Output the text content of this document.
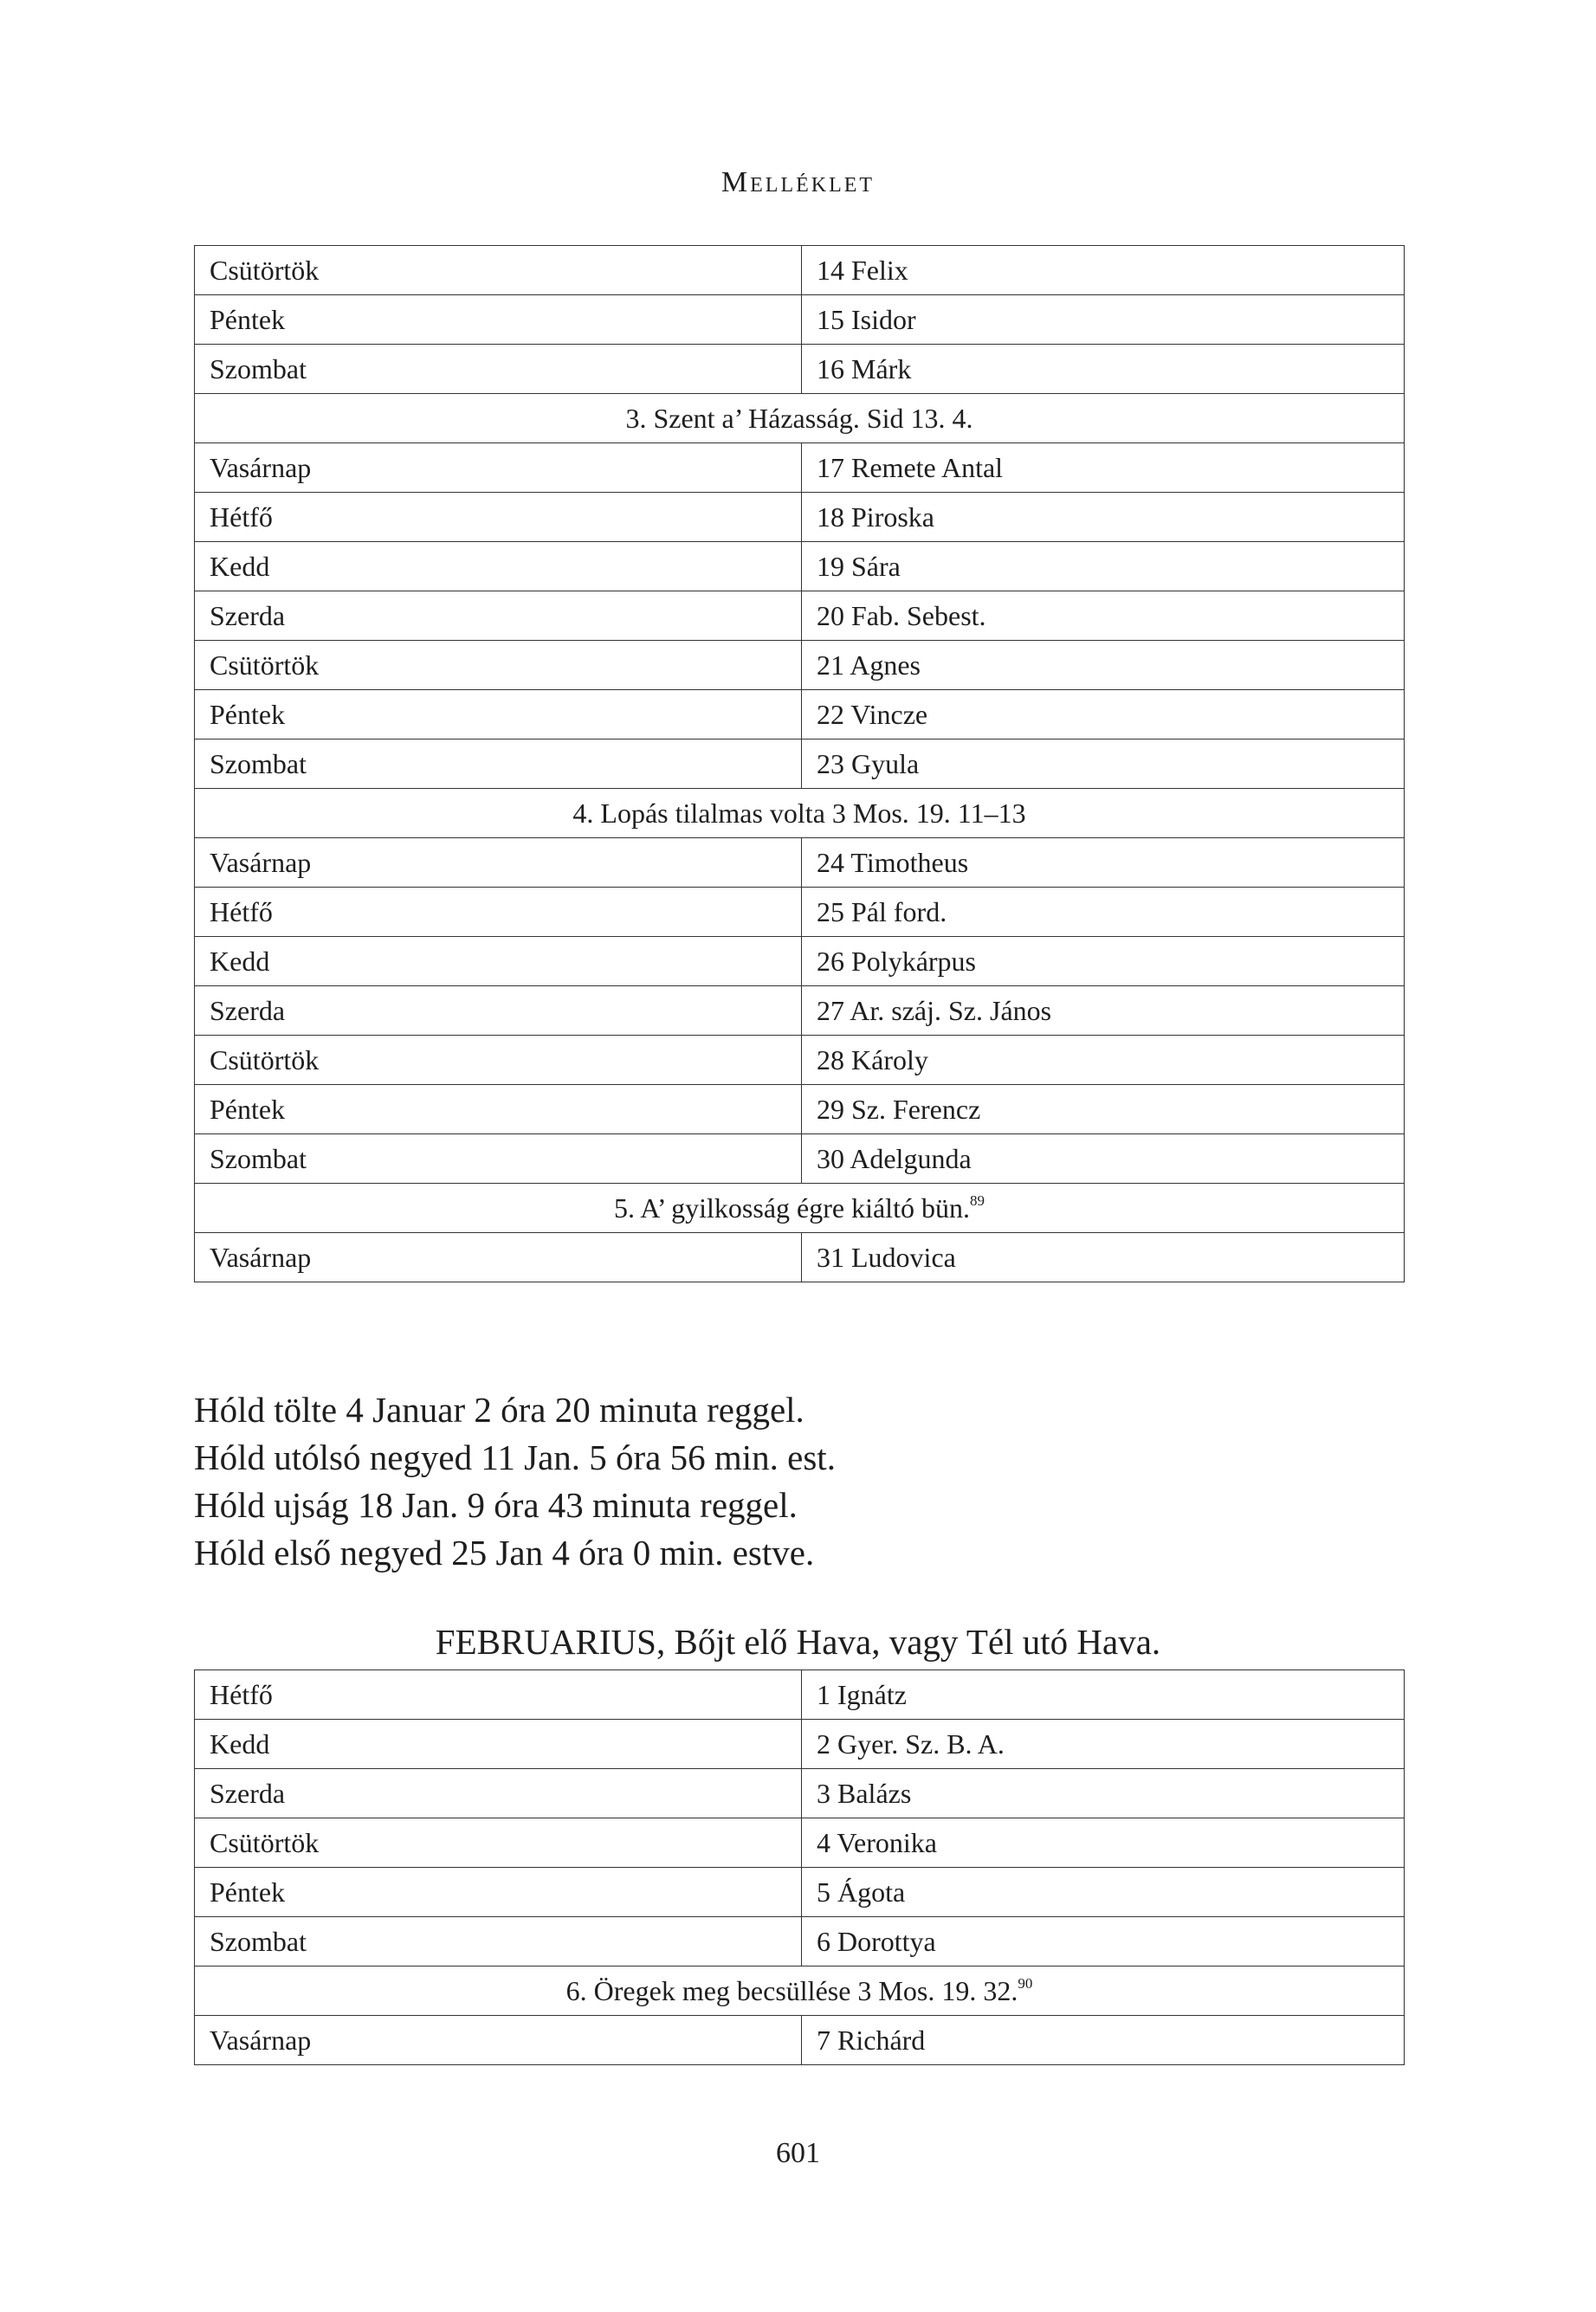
Melléklet
Csütörtök	14 Felix
Péntek	15 Isidor
Szombat	16 Márk
3. Szent a’ Házasság. Sid 13. 4.	
Vasárnap	17 Remete Antal
Hétfő	18 Piroska
Kedd	19 Sára
Szerda	20 Fab. Sebest.
Csütörtök	21 Agnes
Péntek	22 Vincze
Szombat	23 Gyula
4. Lopás tilalmas volta 3 Mos. 19. 11–13	
Vasárnap	24 Timotheus
Hétfő	25 Pál ford.
Kedd	26 Polykárpus
Szerda	27 Ar. száj. Sz. János
Csütörtök	28 Károly
Péntek	29 Sz. Ferencz
Szombat	30 Adelgunda
5. A’ gyilkosság égre kiáltó bün.$^{89}$
Vasárnap	31 Ludovica
Hóld tölte 4 Januar 2 óra 20 minuta reggel.
Hóld utólsó negyed 11 Jan. 5 óra 56 min. est.
Hóld ujság 18 Jan. 9 óra 43 minuta reggel.
Hóld első negyed 25 Jan 4 óra 0 min. estve.
FEBRUARIUS, Bőjt elő Hava, vagy Tél utó Hava.
Hétfő	1 Ignátz
Kedd	2 Gyer. Sz. B. A.
Szerda	3 Balázs
Csütörtök	4 Veronika
Péntek	5 Ágota
Szombat	6 Dorottya
6. Öregek meg becsüllése 3 Mos. 19. 32.90
Vasárnap	7 Richárd
601
